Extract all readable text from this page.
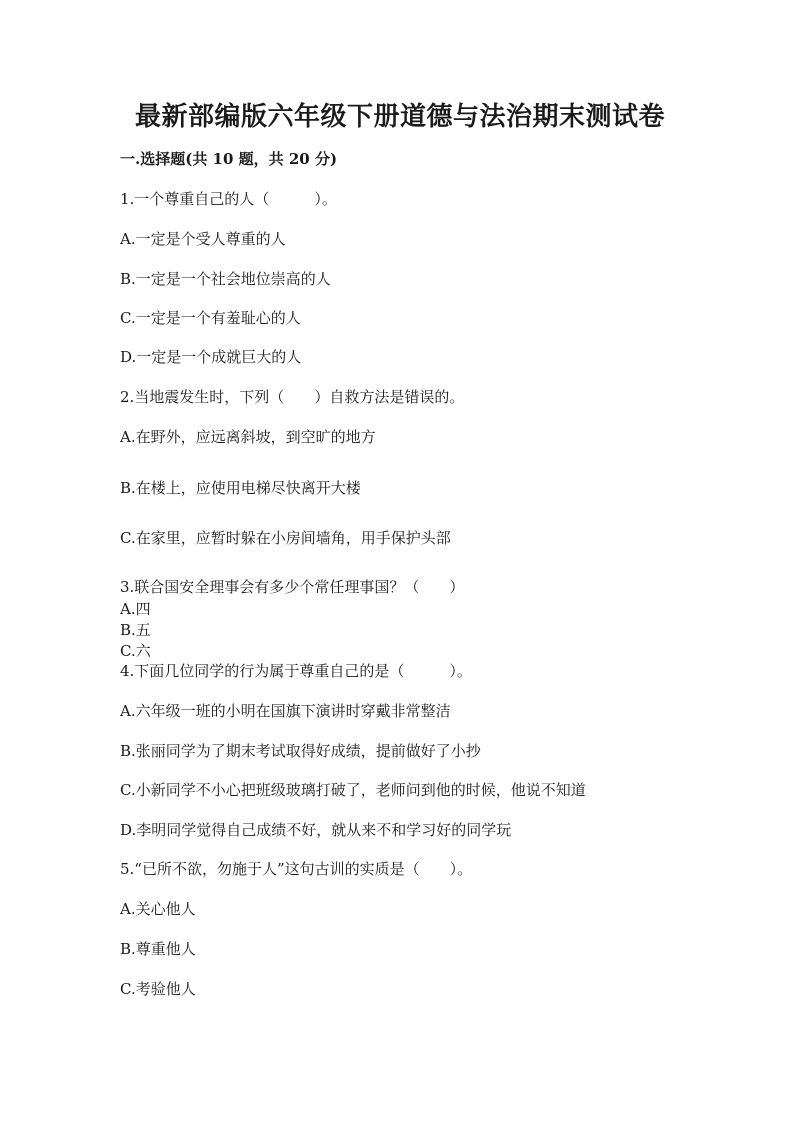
最新部编版六年级下册道德与法治期末测试卷
一.选择题(共 10 题，共 20 分)
1.一个尊重自己的人（　　　）。
A.一定是个受人尊重的人
B.一定是一个社会地位崇高的人
C.一定是一个有羞耻心的人
D.一定是一个成就巨大的人
2.当地震发生时，下列（　　）自救方法是错误的。
A.在野外，应远离斜坡，到空旷的地方
B.在楼上，应使用电梯尽快离开大楼
C.在家里，应暂时躲在小房间墙角，用手保护头部
3.联合国安全理事会有多少个常任理事国？（　　）
A.四
B.五
C.六
4.下面几位同学的行为属于尊重自己的是（　　　）。
A.六年级一班的小明在国旗下演讲时穿戴非常整洁
B.张丽同学为了期末考试取得好成绩，提前做好了小抄
C.小新同学不小心把班级玻璃打破了，老师问到他的时候，他说不知道
D.李明同学觉得自己成绩不好，就从来不和学习好的同学玩
5.“已所不欲，勿施于人”这句古训的实质是（　　）。
A.关心他人
B.尊重他人
C.考验他人
